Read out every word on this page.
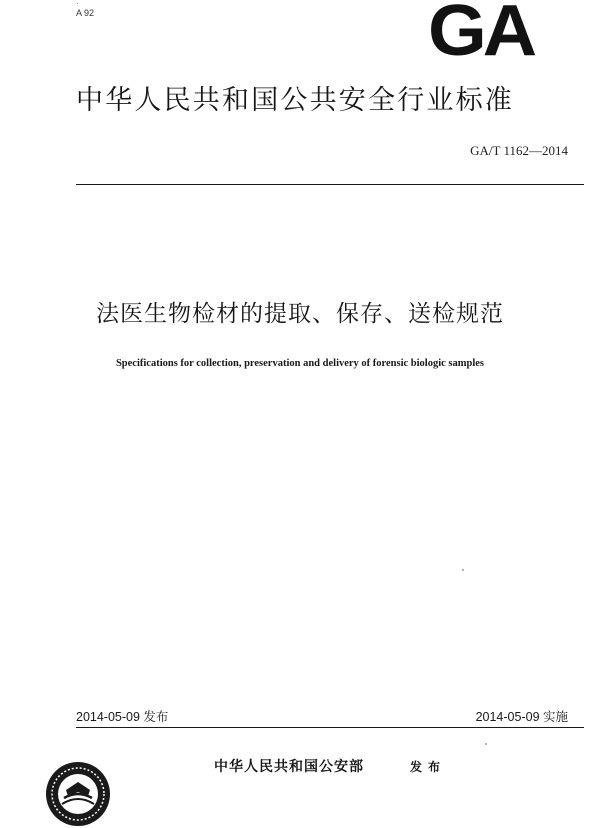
·
A 92	GA
中华人民共和国公共安全行业标准
GA/T 1162—2014
法医生物检材的提取、保存、送检规范
Specifications for collection, preservation and delivery of forensic biologic samples
2014-05-09 发布	2014-05-09 实施
中华人民共和国公安部	发布
